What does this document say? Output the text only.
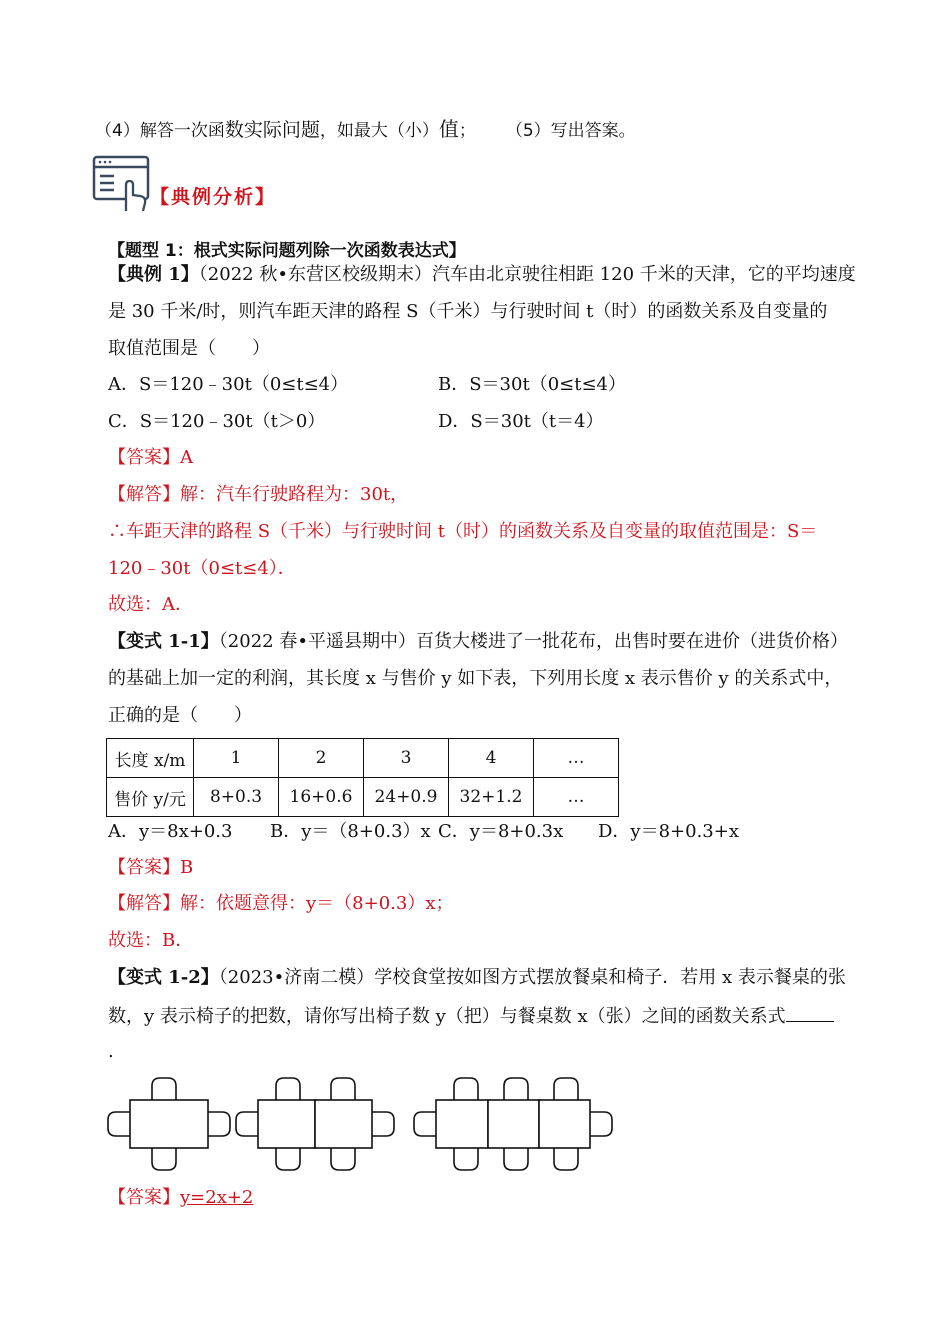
（4）解答一次函数实际问题，如最大（小）值； （5）写出答案。
【典例分析】
【题型 1：根式实际问题列除一次函数表达式】
【典例 1】（2022 秋•东营区校级期末）汽车由北京驶往相距 120 千米的天津，它的平均速度
是 30 千米/时，则汽车距天津的路程 S（千米）与行驶时间 t（时）的函数关系及自变量的
取值范围是（　　）
A．S＝120﹣30t（0≤t≤4）	B．S＝30t（0≤t≤4）
C．S＝120﹣30t（t＞0）	D．S＝30t（t＝4）
【答案】A
【解答】解：汽车行驶路程为：30t，
∴车距天津的路程 S（千米）与行驶时间 t（时）的函数关系及自变量的取值范围是：S＝
120﹣30t（0≤t≤4）．
故选：A．
【变式 1-1】（2022 春•平遥县期中）百货大楼进了一批花布，出售时要在进价（进货价格）
的基础上加一定的利润，其长度 x 与售价 y 如下表，下列用长度 x 表示售价 y 的关系式中，
正确的是（　　）
长度 x/m	1	2	3	4	…
售价 y/元	8+0.3	16+0.6	24+0.9	32+1.2	…
A．y＝8x+0.3 B．y＝（8+0.3）x C．y＝8+0.3x D．y＝8+0.3+x
【答案】B
【解答】解：依题意得：y＝（8+0.3）x；
故选：B．
【变式 1-2】（2023•济南二模）学校食堂按如图方式摆放餐桌和椅子．若用 x 表示餐桌的张
数，y 表示椅子的把数，请你写出椅子数 y（把）与餐桌数 x（张）之间的函数关系式
.
【答案】y=2x+2
